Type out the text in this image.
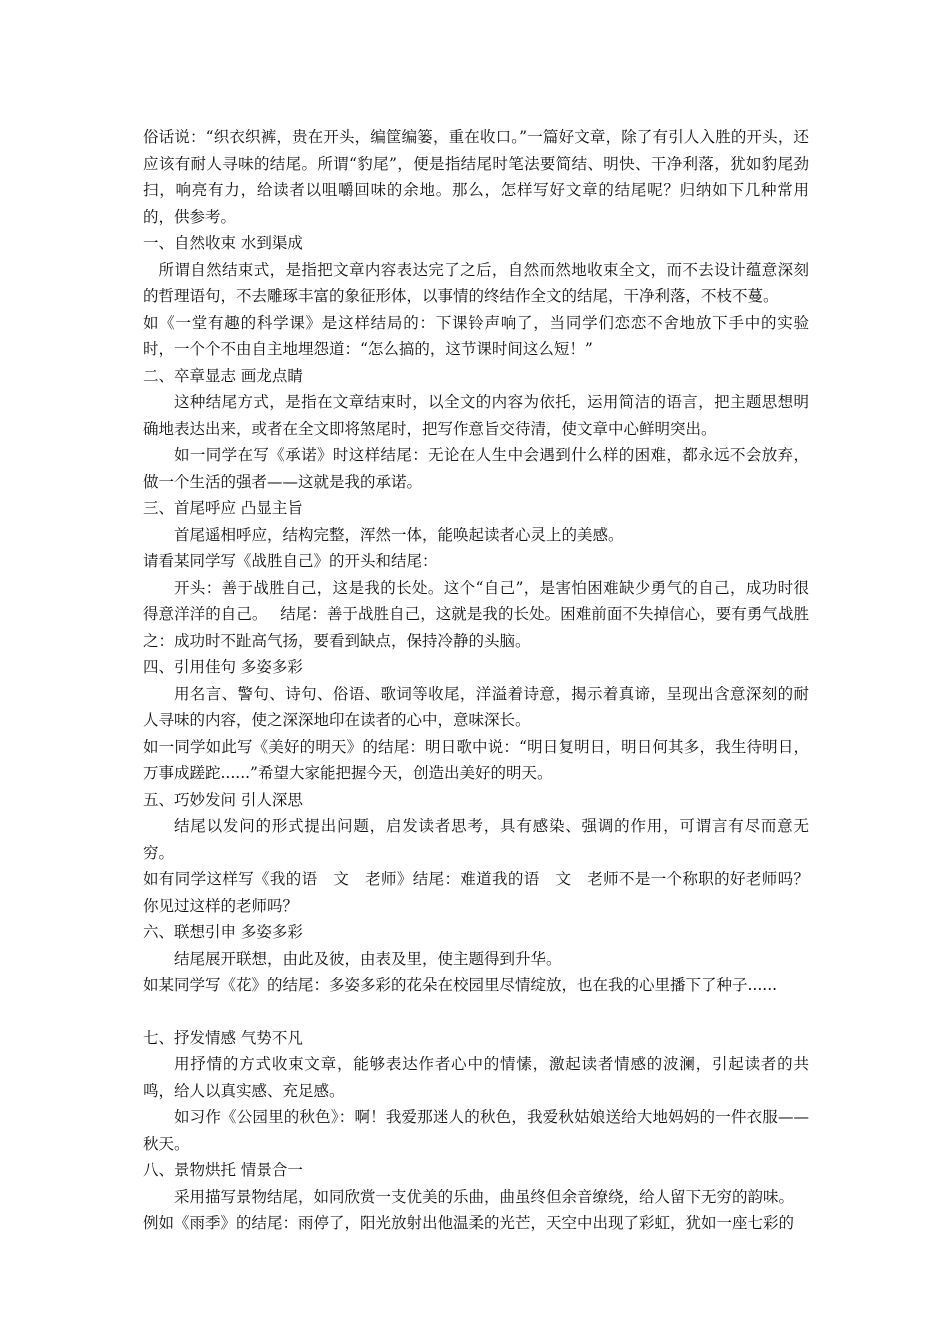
俗话说：“织衣织裤，贵在开头，编筐编篓，重在收口。”一篇好文章，除了有引人入胜的开头，还应该有耐人寻味的结尾。所谓“豹尾”，便是指结尾时笔法要简结、明快、干净利落，犹如豹尾劲扫，响亮有力，给读者以咀嚼回味的余地。那么，怎样写好文章的结尾呢？归纳如下几种常用的，供参考。

一、自然收束 水到渠成

所谓自然结束式，是指把文章内容表达完了之后，自然而然地收束全文，而不去设计蕴意深刻的哲理语句，不去雕琢丰富的象征形体，以事情的终结作全文的结尾，干净利落，不枝不蔓。

如《一堂有趣的科学课》是这样结局的：下课铃声响了，当同学们恋恋不舍地放下手中的实验时，一个个不由自主地埋怨道：“怎么搞的，这节课时间这么短！”

二、卒章显志 画龙点睛

这种结尾方式，是指在文章结束时，以全文的内容为依托，运用简洁的语言，把主题思想明确地表达出来，或者在全文即将煞尾时，把写作意旨交待清，使文章中心鲜明突出。

如一同学在写《承诺》时这样结尾：无论在人生中会遇到什么样的困难，都永远不会放弃，做一个生活的强者——这就是我的承诺。

三、首尾呼应 凸显主旨

首尾遥相呼应，结构完整，浑然一体，能唤起读者心灵上的美感。

请看某同学写《战胜自己》的开头和结尾：

开头：善于战胜自己，这是我的长处。这个“自己”，是害怕困难缺少勇气的自己，成功时很得意洋洋的自己。　 结尾：善于战胜自己，这就是我的长处。困难前面不失掉信心，要有勇气战胜之：成功时不趾高气扬，要看到缺点，保持冷静的头脑。

四、引用佳句 多姿多彩

用名言、警句、诗句、俗语、歌词等收尾，洋溢着诗意，揭示着真谛，呈现出含意深刻的耐人寻味的内容，使之深深地印在读者的心中，意味深长。

如一同学如此写《美好的明天》的结尾：明日歌中说：“明日复明日，明日何其多，我生待明日，万事成蹉跎......”希望大家能把握今天，创造出美好的明天。

五、巧妙发问 引人深思

结尾以发问的形式提出问题，启发读者思考，具有感染、强调的作用，可谓言有尽而意无穷。

如有同学这样写《我的语　文　老师》结尾：难道我的语　文　老师不是一个称职的好老师吗？你见过这样的老师吗？

六、联想引申 多姿多彩

结尾展开联想，由此及彼，由表及里，使主题得到升华。

如某同学写《花》的结尾：多姿多彩的花朵在校园里尽情绽放，也在我的心里播下了种子......

七、抒发情感 气势不凡

用抒情的方式收束文章，能够表达作者心中的情愫，激起读者情感的波澜，引起读者的共鸣，给人以真实感、充足感。

如习作《公园里的秋色》：啊！我爱那迷人的秋色，我爱秋姑娘送给大地妈妈的一件衣服——秋天。

八、景物烘托 情景合一

采用描写景物结尾，如同欣赏一支优美的乐曲，曲虽终但余音缭绕，给人留下无穷的韵味。

例如《雨季》的结尾：雨停了，阳光放射出他温柔的光芒，天空中出现了彩虹，犹如一座七彩的
